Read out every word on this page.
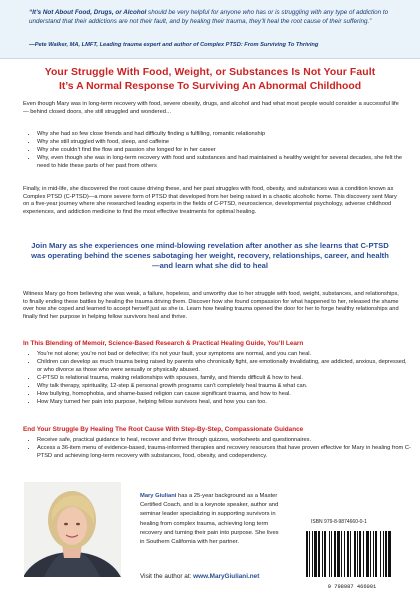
“It’s Not About Food, Drugs, or Alcohol should be very helpful for anyone who has or is struggling with any type of addiction to understand that their addictions are not their fault, and by healing their trauma, they’ll heal the root cause of their suffering.”
—Pete Walker, MA, LMFT, Leading trauma expert and author of Complex PTSD: From Surviving To Thriving
Your Struggle With Food, Weight, or Substances Is Not Your Fault
It’s A Normal Response To Surviving An Abnormal Childhood
Even though Mary was in long-term recovery with food, severe obesity, drugs, and alcohol and had what most people would consider a successful life— behind closed doors, she still struggled and wondered…
• Why she had so few close friends and had difficulty finding a fulfilling, romantic relationship
• Why she still struggled with food, sleep, and caffeine
• Why she couldn’t find the flow and passion she longed for in her career
• Why, even though she was in long-term recovery with food and substances and had maintained a healthy weight for several decades, she felt the need to hide these parts of her past from others
Finally, in mid-life, she discovered the root cause driving these, and her past struggles with food, obesity, and substances was a condition known as Complex PTSD (C-PTSD)—a more severe form of PTSD that developed from her being raised in a chaotic alcoholic home. This discovery sent Mary on a five-year journey where she researched leading experts in the fields of C-PTSD, neuroscience, developmental psychology, adverse childhood experiences, and addiction medicine to find the most effective treatments for optimal healing.
Join Mary as she experiences one mind-blowing revelation after another as she learns that C-PTSD was operating behind the scenes sabotaging her weight, recovery, relationships, career, and health—and learn what she did to heal
Witness Mary go from believing she was weak, a failure, hopeless, and unworthy due to her struggle with food, weight, substances, and relationships, to finally ending these battles by healing the trauma driving them. Discover how she found compassion for what happened to her, released the shame over how she coped and learned to accept herself just as she is. Learn how healing trauma opened the door for her to forge healthy relationships and finally find her purpose in helping fellow survivors heal and thrive.
In This Blending of Memoir, Science-Based Research & Practical Healing Guide, You’ll Learn
• You’re not alone; you’re not bad or defective; it’s not your fault, your symptoms are normal, and you can heal.
• Children can develop as much trauma being raised by parents who chronically fight, are emotionally invalidating, are addicted, anxious, depressed, or who divorce as those who were sexually or physically abused.
• C-PTSD is relational trauma, making relationships with spouses, family, and friends difficult & how to heal.
• Why talk therapy, spirituality, 12-step & personal growth programs can’t completely heal trauma & what can.
• How bullying, homophobia, and shame-based religion can cause significant trauma, and how to heal.
• How Mary turned her pain into purpose, helping fellow survivors heal, and how you can too.
End Your Struggle By Healing The Root Cause With Step-By-Step, Compassionate Guidance
• Receive safe, practical guidance to heal, recover and thrive through quizzes, worksheets and questionnaires.
• Access a 36-item menu of evidence-based, trauma-informed therapies and recovery resources that have proven effective for Mary in healing from C-PTSD and achieving long-term recovery with substances, food, obesity, and codependency.
Mary Giuliani has a 25-year background as a Master Certified Coach, and is a keynote speaker, author and seminar leader specializing in supporting survivors in healing from complex trauma, achieving long term recovery and turning their pain into purpose. She lives in Southern California with her partner.
Visit the author at: www.MaryGiuliani.net
ISBN 979-8-9874660-0-1
9 798987 466001
